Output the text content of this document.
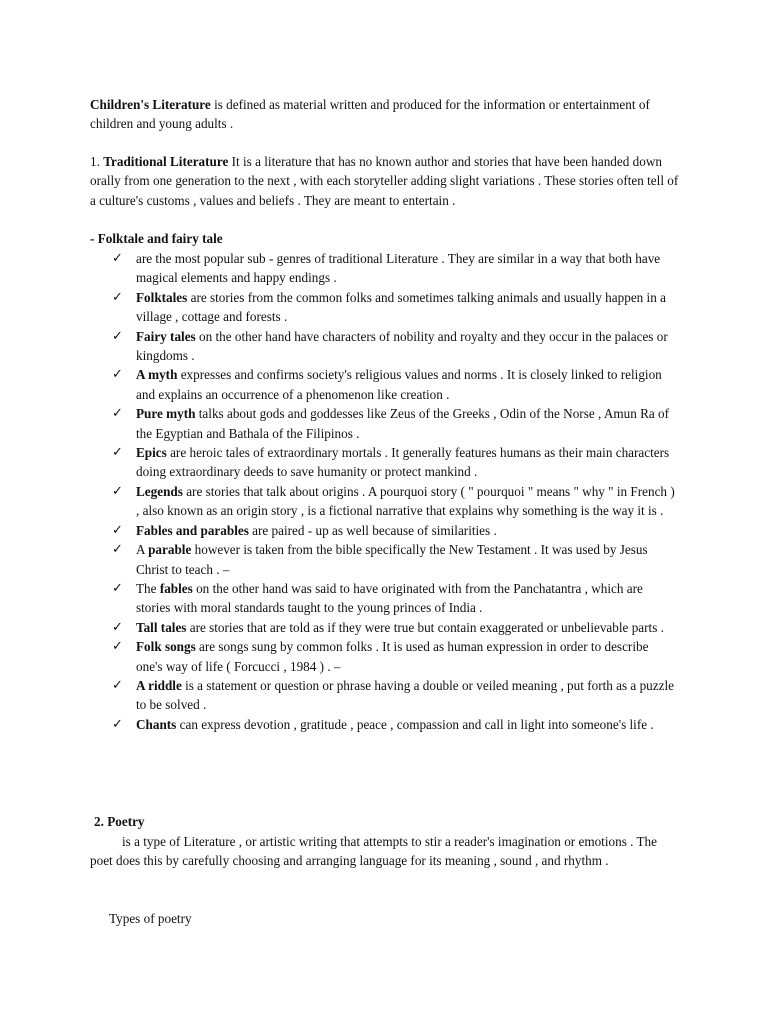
Children's Literature is defined as material written and produced for the information or entertainment of children and young adults .

1. Traditional Literature It is a literature that has no known author and stories that have been handed down orally from one generation to the next , with each storyteller adding slight variations . These stories often tell of a culture's customs , values and beliefs . They are meant to entertain .

- Folktale and fairy tale

✓ are the most popular sub - genres of traditional Literature . They are similar in a way that both have magical elements and happy endings .
✓ Folktales are stories from the common folks and sometimes talking animals and usually happen in a village , cottage and forests .
✓ Fairy tales on the other hand have characters of nobility and royalty and they occur in the palaces or kingdoms .
✓ A myth expresses and confirms society's religious values and norms . It is closely linked to religion and explains an occurrence of a phenomenon like creation .
✓ Pure myth talks about gods and goddesses like Zeus of the Greeks , Odin of the Norse , Amun Ra of the Egyptian and Bathala of the Filipinos .
✓ Epics are heroic tales of extraordinary mortals . It generally features humans as their main characters doing extraordinary deeds to save humanity or protect mankind .
✓ Legends are stories that talk about origins . A pourquoi story ( " pourquoi " means " why " in French ) , also known as an origin story , is a fictional narrative that explains why something is the way it is .
✓ Fables and parables are paired - up as well because of similarities .
✓ A parable however is taken from the bible specifically the New Testament . It was used by Jesus Christ to teach . –
✓ The fables on the other hand was said to have originated with from the Panchatantra , which are stories with moral standards taught to the young princes of India .
✓ Tall tales are stories that are told as if they were true but contain exaggerated or unbelievable parts .
✓ Folk songs are songs sung by common folks . It is used as human expression in order to describe one's way of life ( Forcucci , 1984 ) . –
✓ A riddle is a statement or question or phrase having a double or veiled meaning , put forth as a puzzle to be solved .
✓ Chants can express devotion , gratitude , peace , compassion and call in light into someone's life .

2. Poetry

is a type of Literature , or artistic writing that attempts to stir a reader's imagination or emotions . The poet does this by carefully choosing and arranging language for its meaning , sound , and rhythm .

Types of poetry
